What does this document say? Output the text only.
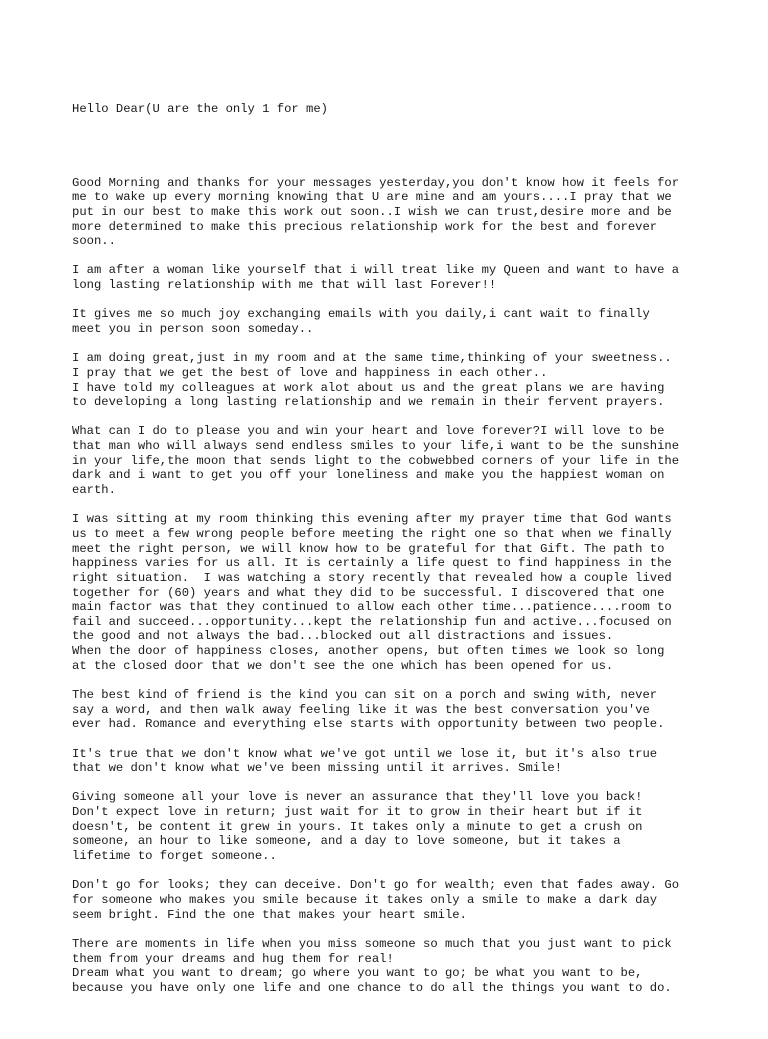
Hello Dear(U are the only 1 for me)

Good Morning and thanks for your messages yesterday,you don't know how it feels for
me to wake up every morning knowing that U are mine and am yours....I pray that we
put in our best to make this work out soon..I wish we can trust,desire more and be
more determined to make this precious relationship work for the best and forever
soon..
I am after a woman like yourself that i will treat like my Queen and want to have a
long lasting relationship with me that will last Forever!!
It gives me so much joy exchanging emails with you daily,i cant wait to finally
meet you in person soon someday..
I am doing great,just in my room and at the same time,thinking of your sweetness..
I pray that we get the best of love and happiness in each other..
I have told my colleagues at work alot about us and the great plans we are having
to developing a long lasting relationship and we remain in their fervent prayers.
What can I do to please you and win your heart and love forever?I will love to be
that man who will always send endless smiles to your life,i want to be the sunshine
in your life,the moon that sends light to the cobwebbed corners of your life in the
dark and i want to get you off your loneliness and make you the happiest woman on
earth.
I was sitting at my room thinking this evening after my prayer time that God wants
us to meet a few wrong people before meeting the right one so that when we finally
meet the right person, we will know how to be grateful for that Gift. The path to
happiness varies for us all. It is certainly a life quest to find happiness in the
right situation.  I was watching a story recently that revealed how a couple lived
together for (60) years and what they did to be successful. I discovered that one
main factor was that they continued to allow each other time...patience....room to
fail and succeed...opportunity...kept the relationship fun and active...focused on
the good and not always the bad...blocked out all distractions and issues.
When the door of happiness closes, another opens, but often times we look so long
at the closed door that we don't see the one which has been opened for us.
The best kind of friend is the kind you can sit on a porch and swing with, never
say a word, and then walk away feeling like it was the best conversation you've
ever had. Romance and everything else starts with opportunity between two people.
It's true that we don't know what we've got until we lose it, but it's also true
that we don't know what we've been missing until it arrives. Smile!
Giving someone all your love is never an assurance that they'll love you back!
Don't expect love in return; just wait for it to grow in their heart but if it
doesn't, be content it grew in yours. It takes only a minute to get a crush on
someone, an hour to like someone, and a day to love someone, but it takes a
lifetime to forget someone..
Don't go for looks; they can deceive. Don't go for wealth; even that fades away. Go
for someone who makes you smile because it takes only a smile to make a dark day
seem bright. Find the one that makes your heart smile.
There are moments in life when you miss someone so much that you just want to pick
them from your dreams and hug them for real!
Dream what you want to dream; go where you want to go; be what you want to be,
because you have only one life and one chance to do all the things you want to do.
